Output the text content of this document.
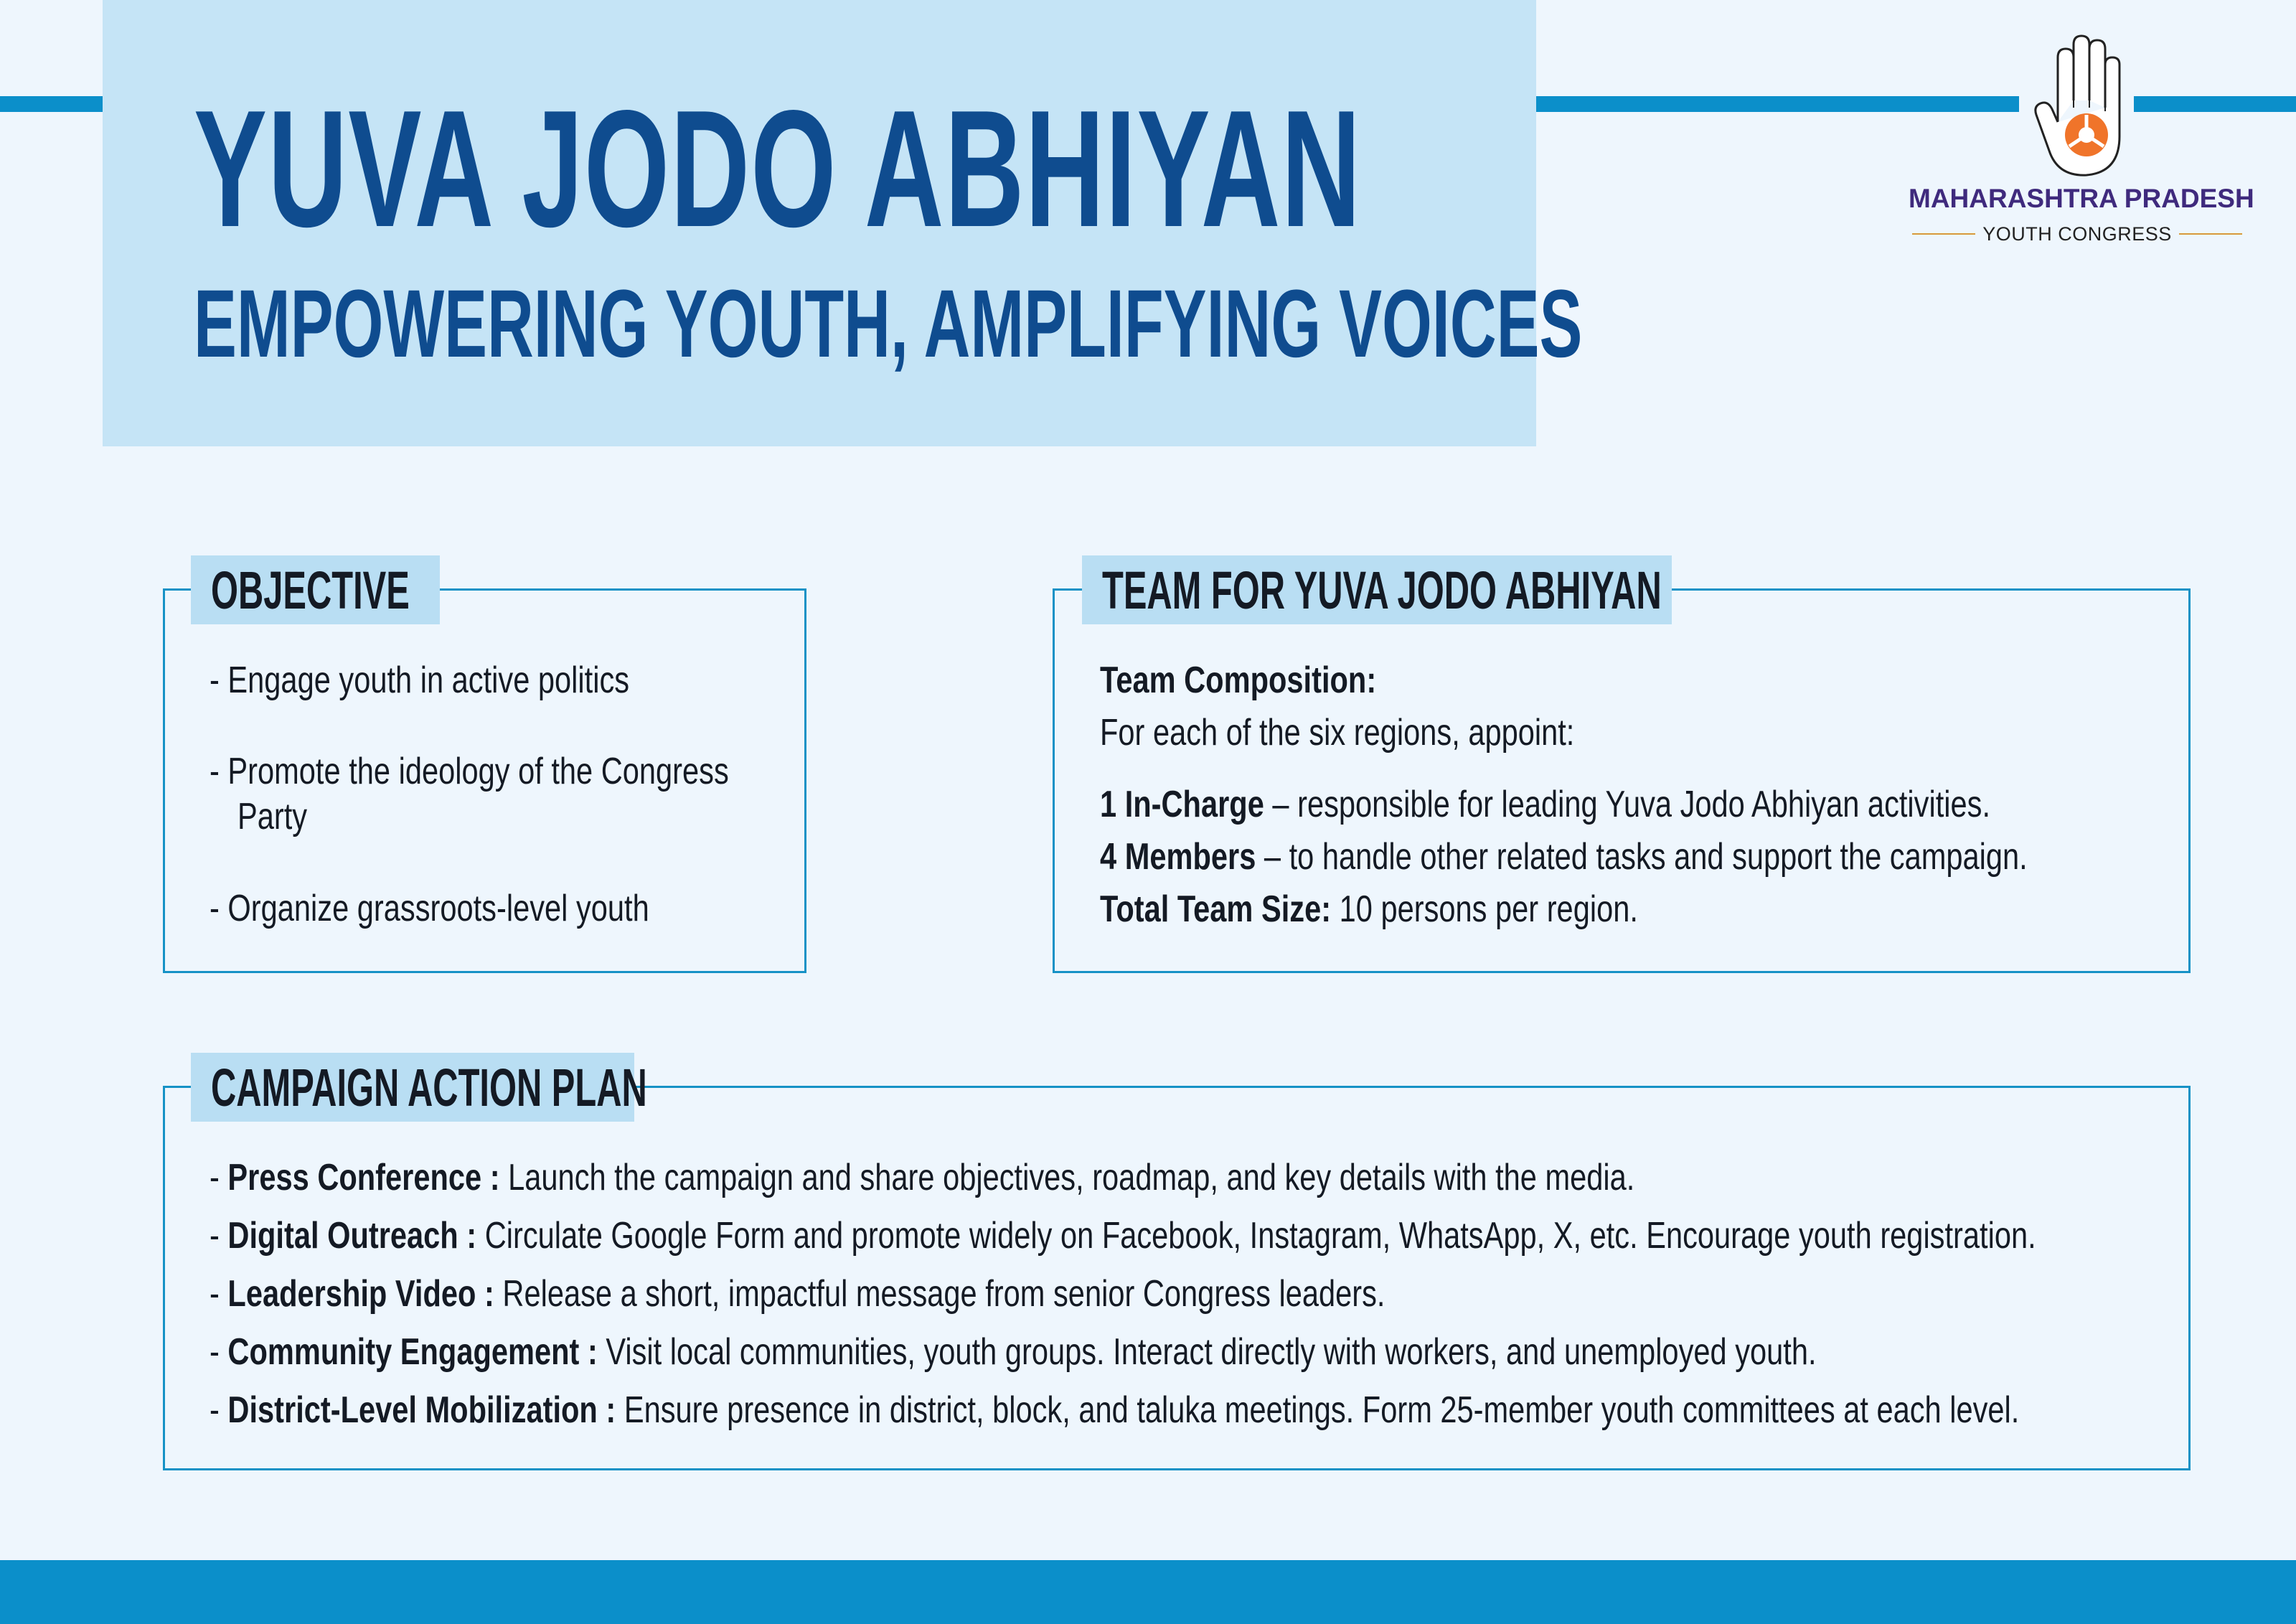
YUVA JODO ABHIYAN
EMPOWERING YOUTH, AMPLIFYING VOICES
MAHARASHTRA PRADESH
YOUTH CONGRESS
OBJECTIVE
- Engage youth in active politics
- Promote the ideology of the Congress
Party
- Organize grassroots-level youth
TEAM FOR YUVA JODO ABHIYAN
Team Composition:
For each of the six regions, appoint:
1 In-Charge – responsible for leading Yuva Jodo Abhiyan activities.
4 Members – to handle other related tasks and support the campaign.
Total Team Size: 10 persons per region.
CAMPAIGN ACTION PLAN
- Press Conference : Launch the campaign and share objectives, roadmap, and key details with the media.
- Digital Outreach : Circulate Google Form and promote widely on Facebook, Instagram, WhatsApp, X, etc. Encourage youth registration.
- Leadership Video : Release a short, impactful message from senior Congress leaders.
- Community Engagement : Visit local communities, youth groups. Interact directly with workers, and unemployed youth.
- District-Level Mobilization : Ensure presence in district, block, and taluka meetings. Form 25-member youth committees at each level.
